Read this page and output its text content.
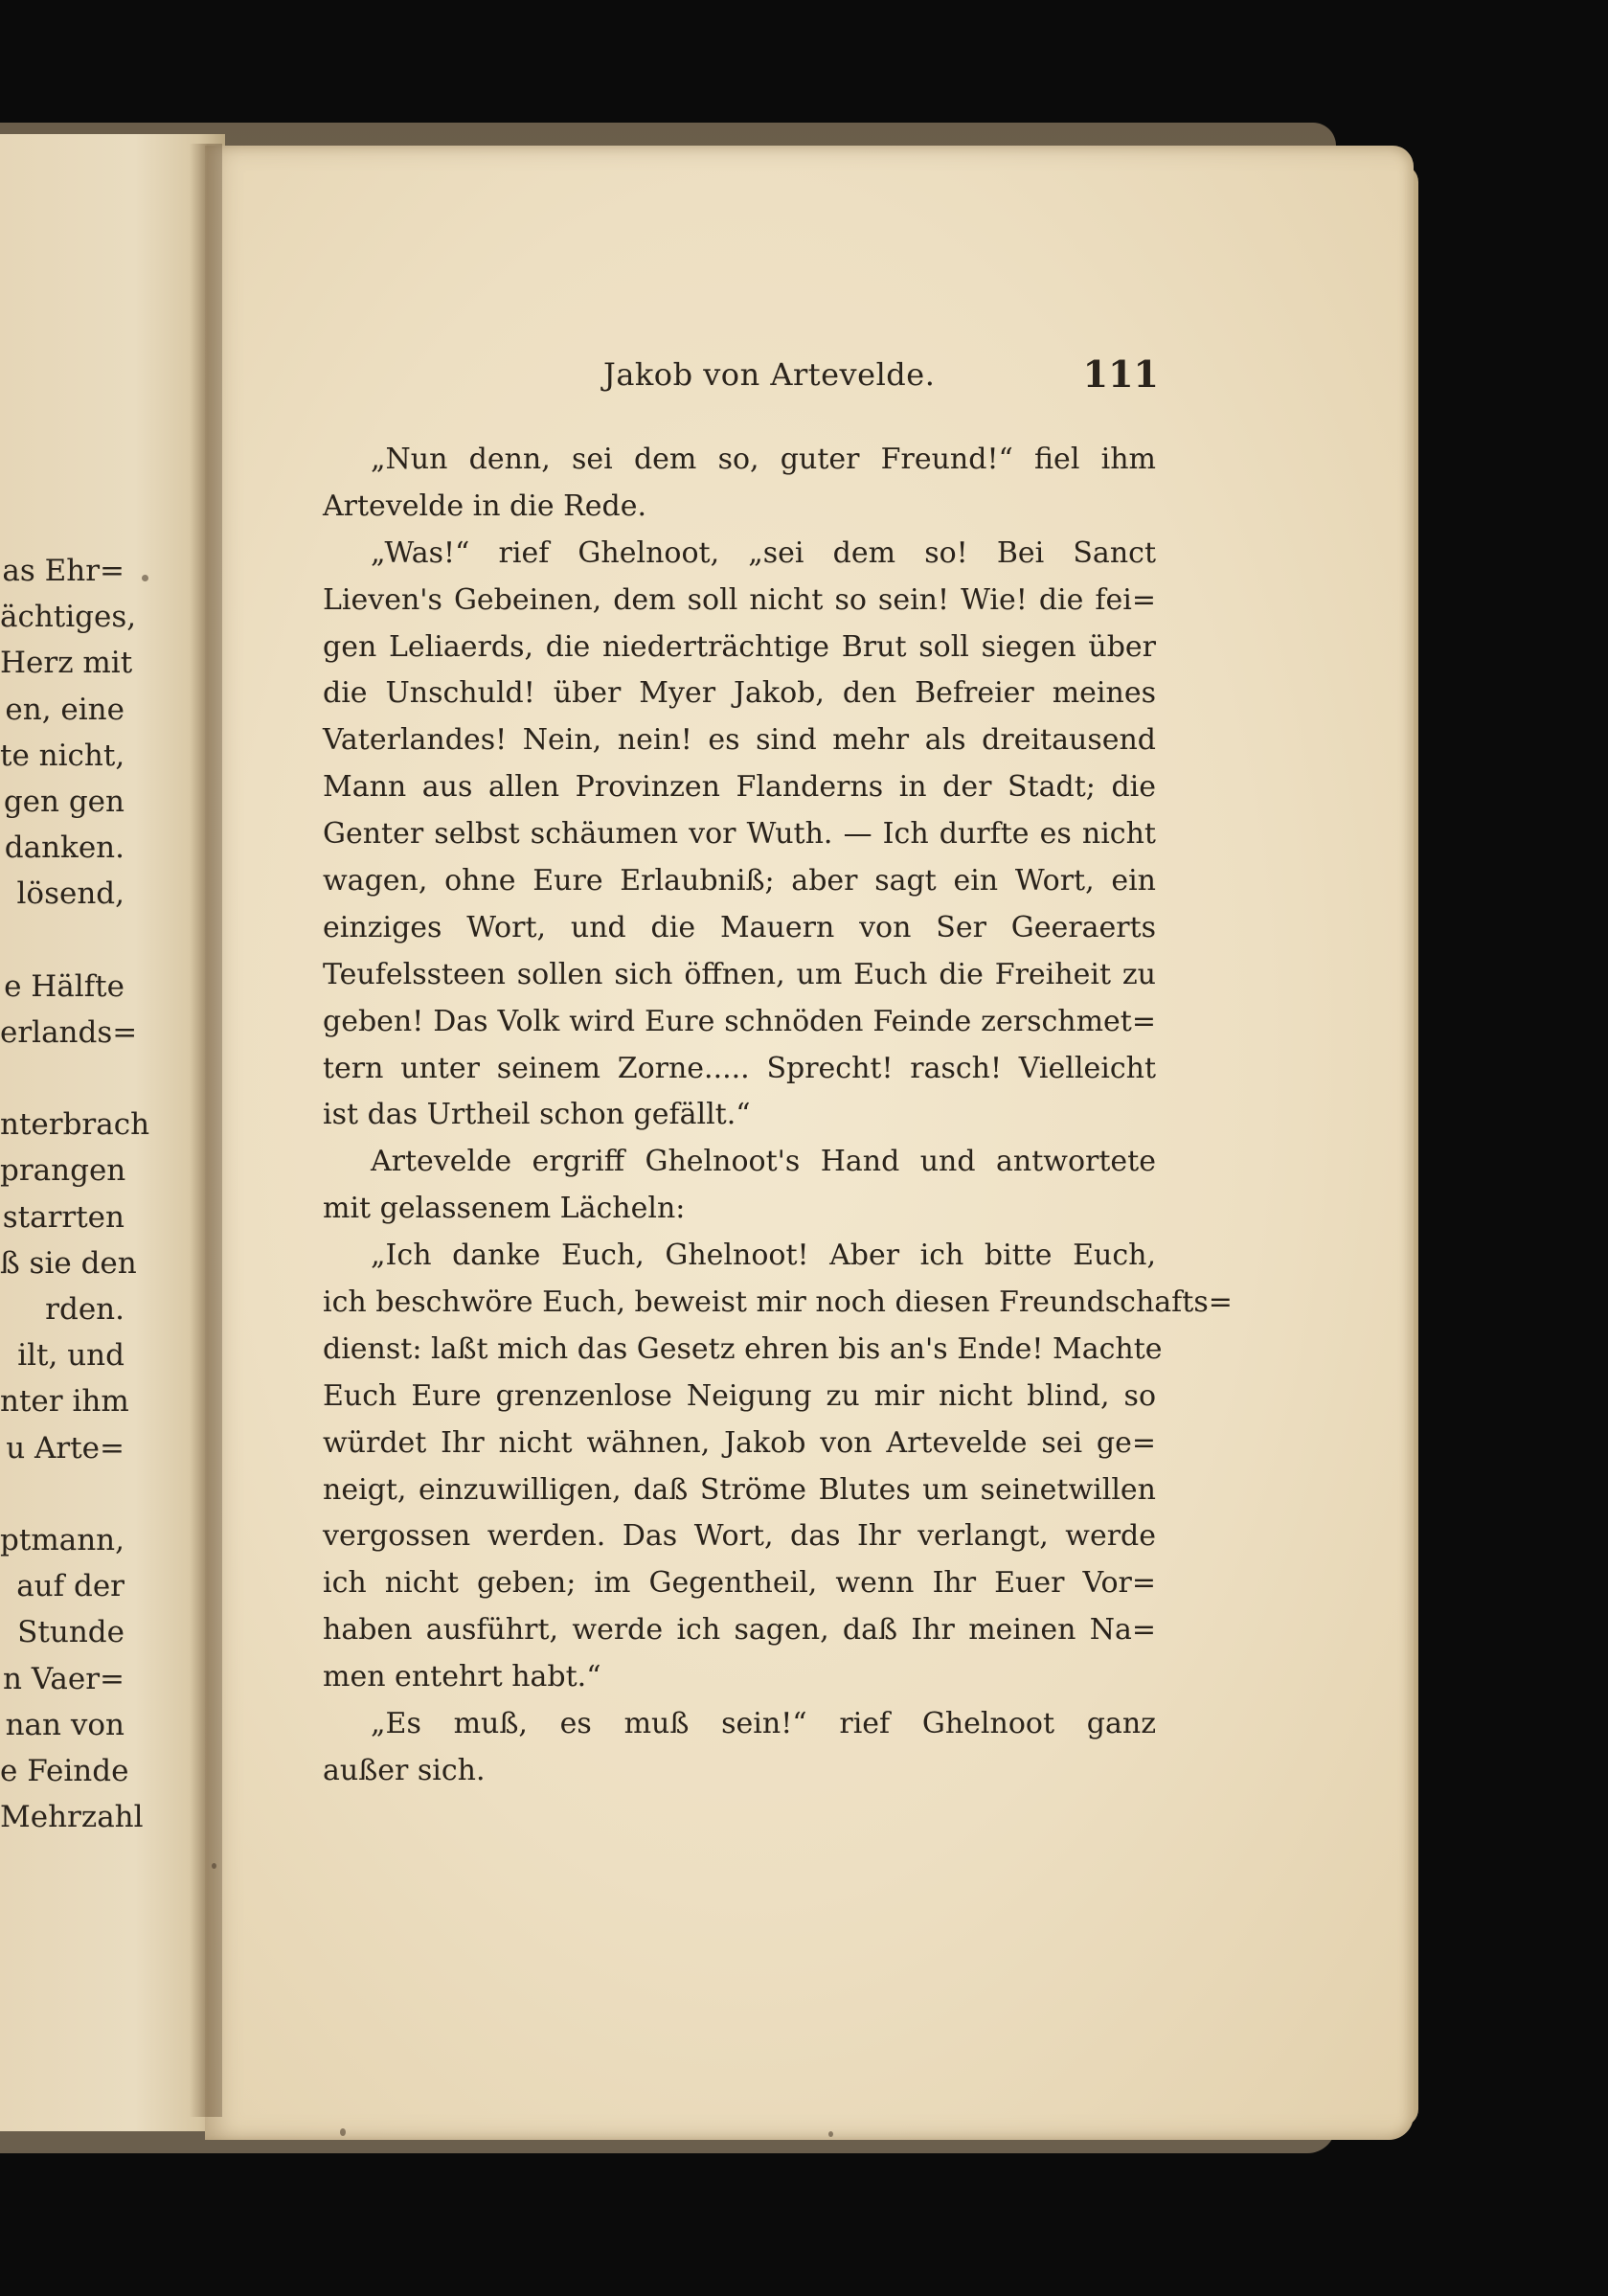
as Ehr=
ächtiges,
Herz mit
en, eine
te nicht,
gen gen
danken.
lösend,
e Hälfte
erlands=
nterbrach
prangen
starrten
ß sie den
rden.
ilt, und
nter ihm
u Arte=
ptmann,
auf der
Stunde
n Vaer=
nan von
e Feinde
Mehrzahl
Jakob von Artevelde.	111
„Nun denn, sei dem so, guter Freund!“ fiel ihm
Artevelde in die Rede.
„Was!“ rief Ghelnoot, „sei dem so! Bei Sanct
Lieven's Gebeinen, dem soll nicht so sein! Wie! die fei=
gen Leliaerds, die niederträchtige Brut soll siegen über
die Unschuld! über Myer Jakob, den Befreier meines
Vaterlandes! Nein, nein! es sind mehr als dreitausend
Mann aus allen Provinzen Flanderns in der Stadt; die
Genter selbst schäumen vor Wuth. — Ich durfte es nicht
wagen, ohne Eure Erlaubniß; aber sagt ein Wort, ein
einziges Wort, und die Mauern von Ser Geeraerts
Teufelssteen sollen sich öffnen, um Euch die Freiheit zu
geben! Das Volk wird Eure schnöden Feinde zerschmet=
tern unter seinem Zorne..... Sprecht! rasch! Vielleicht
ist das Urtheil schon gefällt.“
Artevelde ergriff Ghelnoot's Hand und antwortete
mit gelassenem Lächeln:
„Ich danke Euch, Ghelnoot! Aber ich bitte Euch,
ich beschwöre Euch, beweist mir noch diesen Freundschafts=
dienst: laßt mich das Gesetz ehren bis an's Ende! Machte
Euch Eure grenzenlose Neigung zu mir nicht blind, so
würdet Ihr nicht wähnen, Jakob von Artevelde sei ge=
neigt, einzuwilligen, daß Ströme Blutes um seinetwillen
vergossen werden. Das Wort, das Ihr verlangt, werde
ich nicht geben; im Gegentheil, wenn Ihr Euer Vor=
haben ausführt, werde ich sagen, daß Ihr meinen Na=
men entehrt habt.“
„Es muß, es muß sein!“ rief Ghelnoot ganz
außer sich.
